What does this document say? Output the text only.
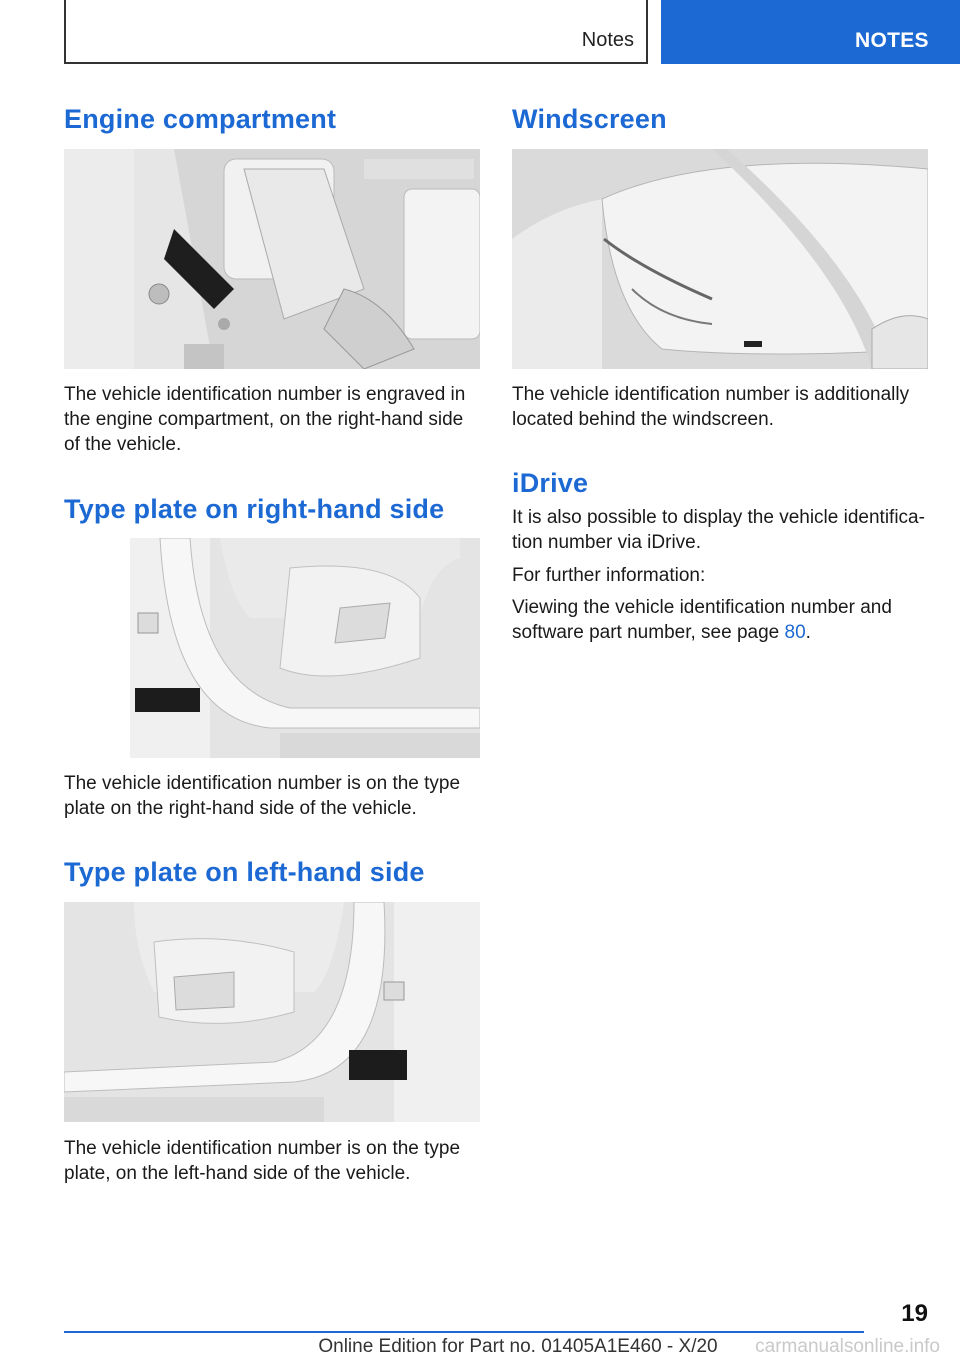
Notes	NOTES
Engine compartment

The vehicle identification number is engraved in the engine compartment, on the right-hand side of the vehicle.

Type plate on right-hand side

The vehicle identification number is on the type plate on the right-hand side of the vehicle.

Type plate on left-hand side

The vehicle identification number is on the type plate, on the left-hand side of the vehicle.

Windscreen

The vehicle identification number is additionally located behind the windscreen.

iDrive

It is also possible to display the vehicle identifica‐tion number via iDrive.

For further information:

Viewing the vehicle identification number and software part number, see page 80.

19
Online Edition for Part no. 01405A1E460 - X/20	carmanualsonline.info
